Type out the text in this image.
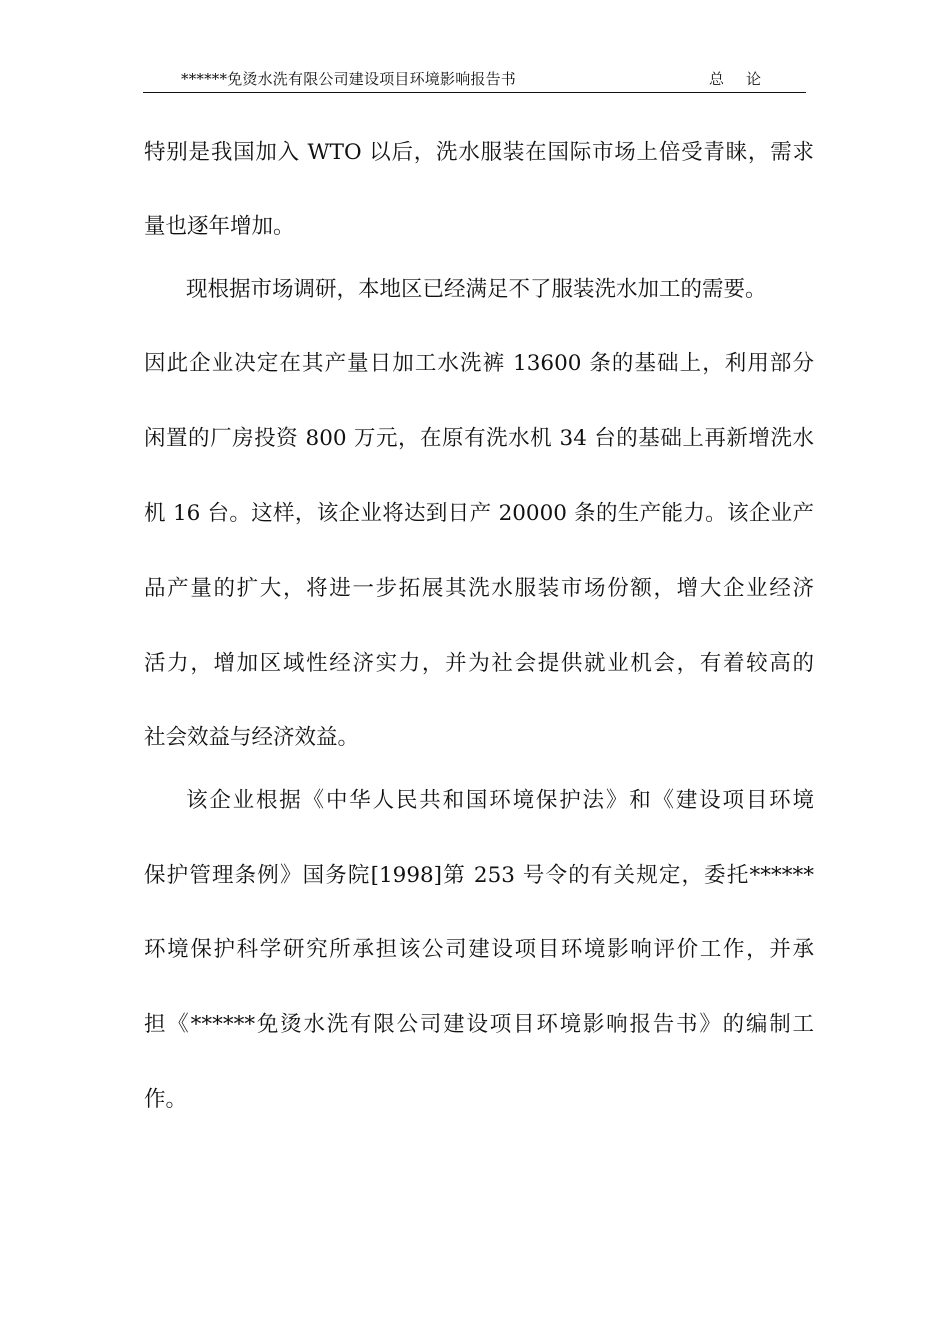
******免烫水洗有限公司建设项目环境影响报告书	总论
特别是我国加入 WTO 以后，洗水服装在国际市场上倍受青睐，需求
量也逐年增加。
现根据市场调研，本地区已经满足不了服装洗水加工的需要。
因此企业决定在其产量日加工水洗裤 13600 条的基础上，利用部分
闲置的厂房投资 800 万元，在原有洗水机 34 台的基础上再新增洗水
机 16 台。这样，该企业将达到日产 20000 条的生产能力。该企业产
品产量的扩大，将进一步拓展其洗水服装市场份额，增大企业经济
活力，增加区域性经济实力，并为社会提供就业机会，有着较高的
社会效益与经济效益。
该企业根据《中华人民共和国环境保护法》和《建设项目环境
保护管理条例》国务院[1998]第 253 号令的有关规定，委托******
环境保护科学研究所承担该公司建设项目环境影响评价工作，并承
担《******免烫水洗有限公司建设项目环境影响报告书》的编制工
作。
